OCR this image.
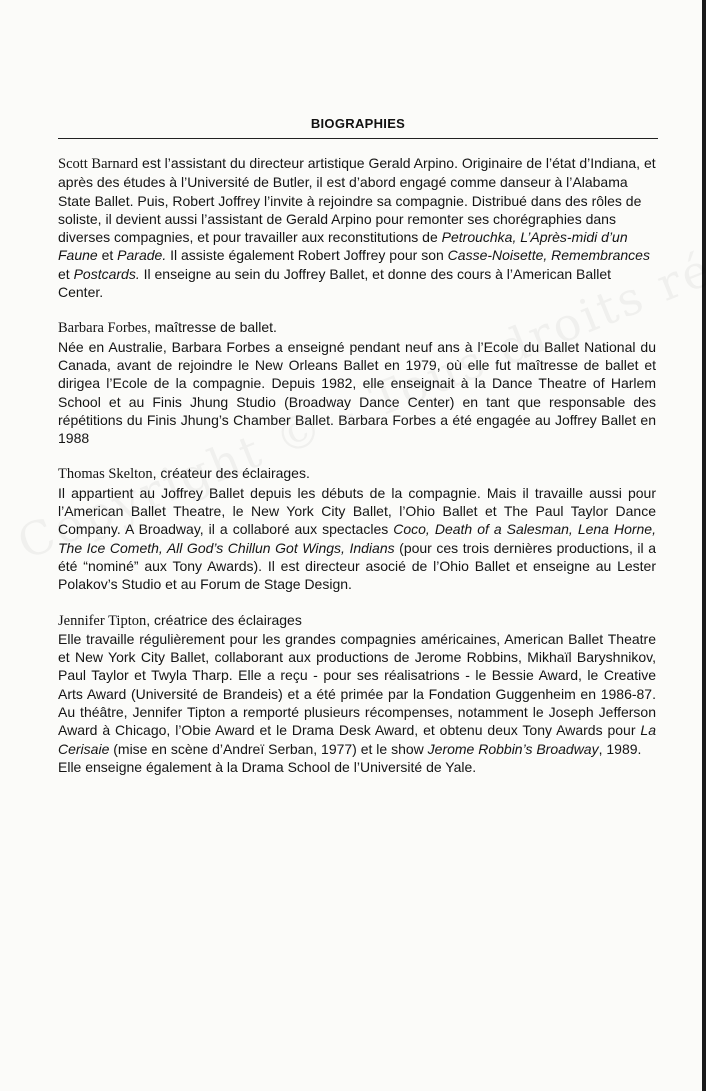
BIOGRAPHIES

Scott Barnard est l’assistant du directeur artistique Gerald Arpino. Originaire de l’état d’Indiana, et après des études à l’Université de Butler, il est d’abord engagé comme danseur à l’Alabama State Ballet. Puis, Robert Joffrey l’invite à rejoindre sa compagnie. Distribué dans des rôles de soliste, il devient aussi l’assistant de Gerald Arpino pour remonter ses chorégraphies dans diverses compagnies, et pour travailler aux reconstitutions de Petrouchka, L’Après-midi d’un Faune et Parade. Il assiste également Robert Joffrey pour son Casse-Noisette, Remembrances et Postcards. Il enseigne au sein du Joffrey Ballet, et donne des cours à l’American Ballet Center.

Barbara Forbes, maîtresse de ballet.
Née en Australie, Barbara Forbes a enseigné pendant neuf ans à l’Ecole du Ballet National du Canada, avant de rejoindre le New Orleans Ballet en 1979, où elle fut maîtresse de ballet et dirigea l’Ecole de la compagnie. Depuis 1982, elle enseignait à la Dance Theatre of Harlem School et au Finis Jhung Studio (Broadway Dance Center) en tant que responsable des répétitions du Finis Jhung’s Chamber Ballet. Barbara Forbes a été engagée au Joffrey Ballet en 1988
Thomas Skelton, créateur des éclairages.
Il appartient au Joffrey Ballet depuis les débuts de la compagnie. Mais il travaille aussi pour l’American Ballet Theatre, le New York City Ballet, l’Ohio Ballet et The Paul Taylor Dance Company. A Broadway, il a collaboré aux spectacles Coco, Death of a Salesman, Lena Horne, The Ice Cometh, All God’s Chillun Got Wings, Indians (pour ces trois dernières productions, il a été “nominé” aux Tony Awards). Il est directeur asocié de l’Ohio Ballet et enseigne au Lester Polakov’s Studio et au Forum de Stage Design.
Jennifer Tipton, créatrice des éclairages
Elle travaille régulièrement pour les grandes compagnies américaines, American Ballet Theatre et New York City Ballet, collaborant aux productions de Jerome Robbins, Mikhaïl Baryshnikov, Paul Taylor et Twyla Tharp. Elle a reçu - pour ses réalisatrions - le Bessie Award, le Creative Arts Award (Université de Brandeis) et a été primée par la Fondation Guggenheim en 1986-87. Au théâtre, Jennifer Tipton a remporté plusieurs récompenses, notamment le Joseph Jefferson Award à Chicago, l’Obie Award et le Drama Desk Award, et obtenu deux Tony Awards pour La Cerisaie (mise en scène d’Andreï Serban, 1977) et le show Jerome Robbin’s Broadway, 1989.
Elle enseigne également à la Drama School de l’Université de Yale.
